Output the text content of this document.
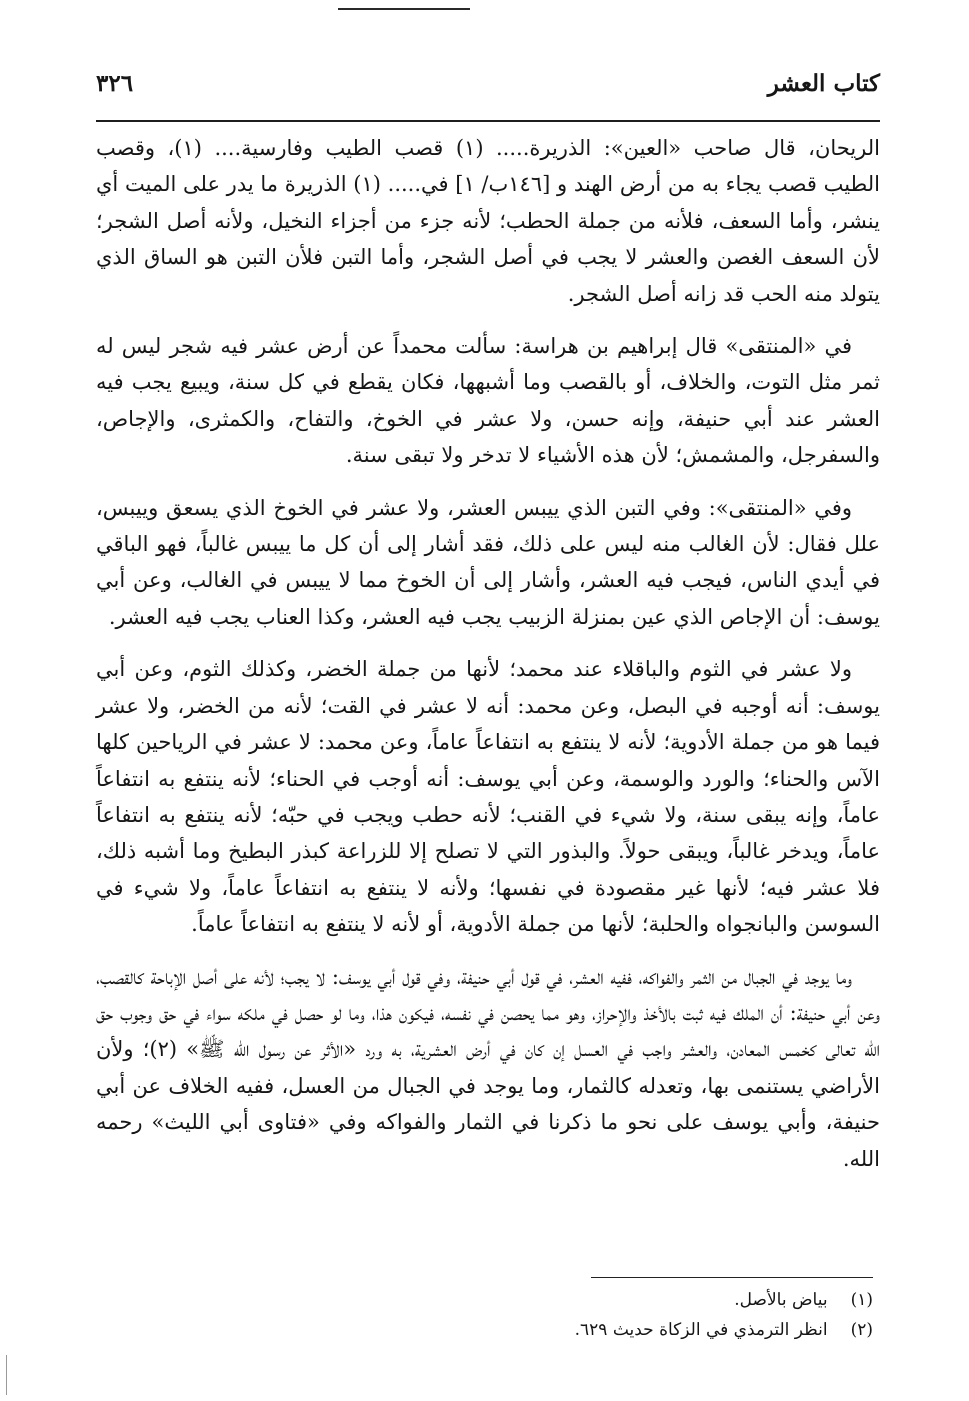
كتاب العشر
٣٢٦

الريحان، قال صاحب «العين»: الذريرة..... (١) قصب الطيب وفارسية.... (١)، وقصب الطيب قصب يجاء به من أرض الهند و [١٤٦ب/ ١] في..... (١) الذريرة ما يدر على الميت أي ينشر، وأما السعف، فلأنه من جملة الحطب؛ لأنه جزء من أجزاء النخيل، ولأنه أصل الشجر؛ لأن السعف الغصن والعشر لا يجب في أصل الشجر، وأما التبن فلأن التبن هو الساق الذي يتولد منه الحب قد زانه أصل الشجر.

في «المنتقى» قال إبراهيم بن هراسة: سألت محمداً عن أرض عشر فيه شجر ليس له ثمر مثل التوت، والخلاف، أو بالقصب وما أشبهها، فكان يقطع في كل سنة، ويبيع يجب فيه العشر عند أبي حنيفة، وإنه حسن، ولا عشر في الخوخ، والتفاح، والكمثرى، والإجاص، والسفرجل، والمشمش؛ لأن هذه الأشياء لا تدخر ولا تبقى سنة.

وفي «المنتقى»: وفي التبن الذي ييبس العشر، ولا عشر في الخوخ الذي يسعق وييبس، علل فقال: لأن الغالب منه ليس على ذلك، فقد أشار إلى أن كل ما ييبس غالباً، فهو الباقي في أيدي الناس، فيجب فيه العشر، وأشار إلى أن الخوخ مما لا ييبس في الغالب، وعن أبي يوسف: أن الإجاص الذي عين بمنزلة الزبيب يجب فيه العشر، وكذا العناب يجب فيه العشر.

ولا عشر في الثوم والباقلاء عند محمد؛ لأنها من جملة الخضر، وكذلك الثوم، وعن أبي يوسف: أنه أوجبه في البصل، وعن محمد: أنه لا عشر في القت؛ لأنه من الخضر، ولا عشر فيما هو من جملة الأدوية؛ لأنه لا ينتفع به انتفاعاً عاماً، وعن محمد: لا عشر في الرياحين كلها الآس والحناء؛ والورد والوسمة، وعن أبي يوسف: أنه أوجب في الحناء؛ لأنه ينتفع به انتفاعاً عاماً، وإنه يبقى سنة، ولا شيء في القنب؛ لأنه حطب ويجب في حبّه؛ لأنه ينتفع به انتفاعاً عاماً، ويدخر غالباً، ويبقى حولاً. والبذور التي لا تصلح إلا للزراعة كبذر البطيخ وما أشبه ذلك، فلا عشر فيه؛ لأنها غير مقصودة في نفسها؛ ولأنه لا ينتفع به انتفاعاً عاماً، ولا شيء في السوسن والبانجواه والحلبة؛ لأنها من جملة الأدوية، أو لأنه لا ينتفع به انتفاعاً عاماً.

وما يوجد في الجبال من الثمر والفواكه، ففيه العشر، في قول أبي حنيفة، وفي قول أبي يوسف: لا يجب؛ لأنه على أصل الإباحة كالقصب، وعن أبي حنيفة: أن الملك فيه ثبت بالأخذ والإحراز، وهو مما يحصن في نفسه، فيكون هذا، وما لو حصل في ملكه سواء في حق وجوب حق الله تعالى كخمس المعادن، والعشر واجب في العسل إن كان في أرض العشرية، به ورد «الأثر عن رسول الله ﷺ» (٢)؛ ولأن الأراضي يستنمى بها، وتعدله كالثمار، وما يوجد في الجبال من العسل، ففيه الخلاف عن أبي حنيفة، وأبي يوسف على نحو ما ذكرنا في الثمار والفواكه وفي «فتاوى أبي الليث» رحمه الله.

(١) بياض بالأصل.
(٢) انظر الترمذي في الزكاة حديث ٦٢٩.
